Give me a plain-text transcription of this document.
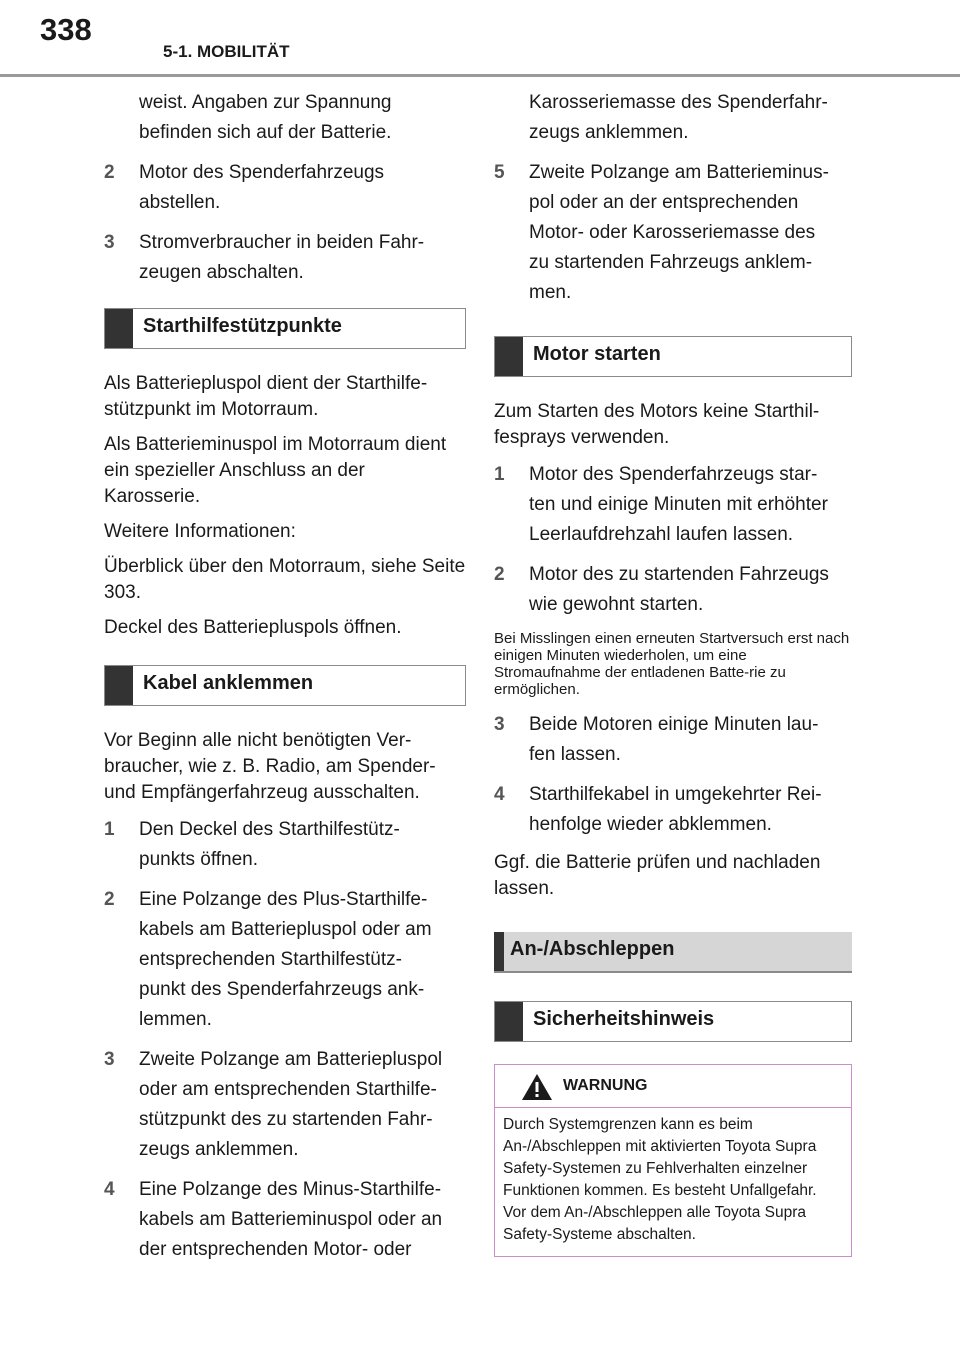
338
5-1. MOBILITÄT
weist. Angaben zur Spannung
befinden sich auf der Batterie.
2 Motor des Spenderfahrzeugs
abstellen.
3 Stromverbraucher in beiden Fahr-
zeugen abschalten.
Starthilfestützpunkte
Als Batteriepluspol dient der Starthilfe-stützpunkt im Motorraum.
Als Batterieminuspol im Motorraum dient ein spezieller Anschluss an der Karosserie.
Weitere Informationen:
Überblick über den Motorraum, siehe Seite 303.
Deckel des Batteriepluspols öffnen.
Kabel anklemmen
Vor Beginn alle nicht benötigten Ver-braucher, wie z. B. Radio, am Spender- und Empfängerfahrzeug ausschalten.
1 Den Deckel des Starthilfestütz-
punkts öffnen.
2 Eine Polzange des Plus-Starthilfe-
kabels am Batteriepluspol oder am
entsprechenden Starthilfestütz-
punkt des Spenderfahrzeugs ank-
lemmen.
3 Zweite Polzange am Batteriepluspol
oder am entsprechenden Starthilfe-
stützpunkt des zu startenden Fahr-
zeugs anklemmen.
4 Eine Polzange des Minus-Starthilfe-
kabels am Batterieminuspol oder an
der entsprechenden Motor- oder
Karosseriemasse des Spenderfahr-
zeugs anklemmen.
5 Zweite Polzange am Batterieminus-
pol oder an der entsprechenden
Motor- oder Karosseriemasse des
zu startenden Fahrzeugs anklem-
men.
Motor starten
Zum Starten des Motors keine Starthil-fesprays verwenden.
1 Motor des Spenderfahrzeugs star-
ten und einige Minuten mit erhöhter
Leerlaufdrehzahl laufen lassen.
2 Motor des zu startenden Fahrzeugs
wie gewohnt starten.
Bei Misslingen einen erneuten Startversuch erst nach einigen Minuten wiederholen, um eine Stromaufnahme der entladenen Batte-rie zu ermöglichen.
3 Beide Motoren einige Minuten lau-
fen lassen.
4 Starthilfekabel in umgekehrter Rei-
henfolge wieder abklemmen.
Ggf. die Batterie prüfen und nachladen lassen.
An-/Abschleppen
Sicherheitshinweis
WARNUNG
Durch Systemgrenzen kann es beim An-/Abschleppen mit aktivierten Toyota Supra Safety-Systemen zu Fehlverhalten einzelner Funktionen kommen. Es besteht Unfallgefahr. Vor dem An-/Abschleppen alle Toyota Supra Safety-Systeme abschalten.
